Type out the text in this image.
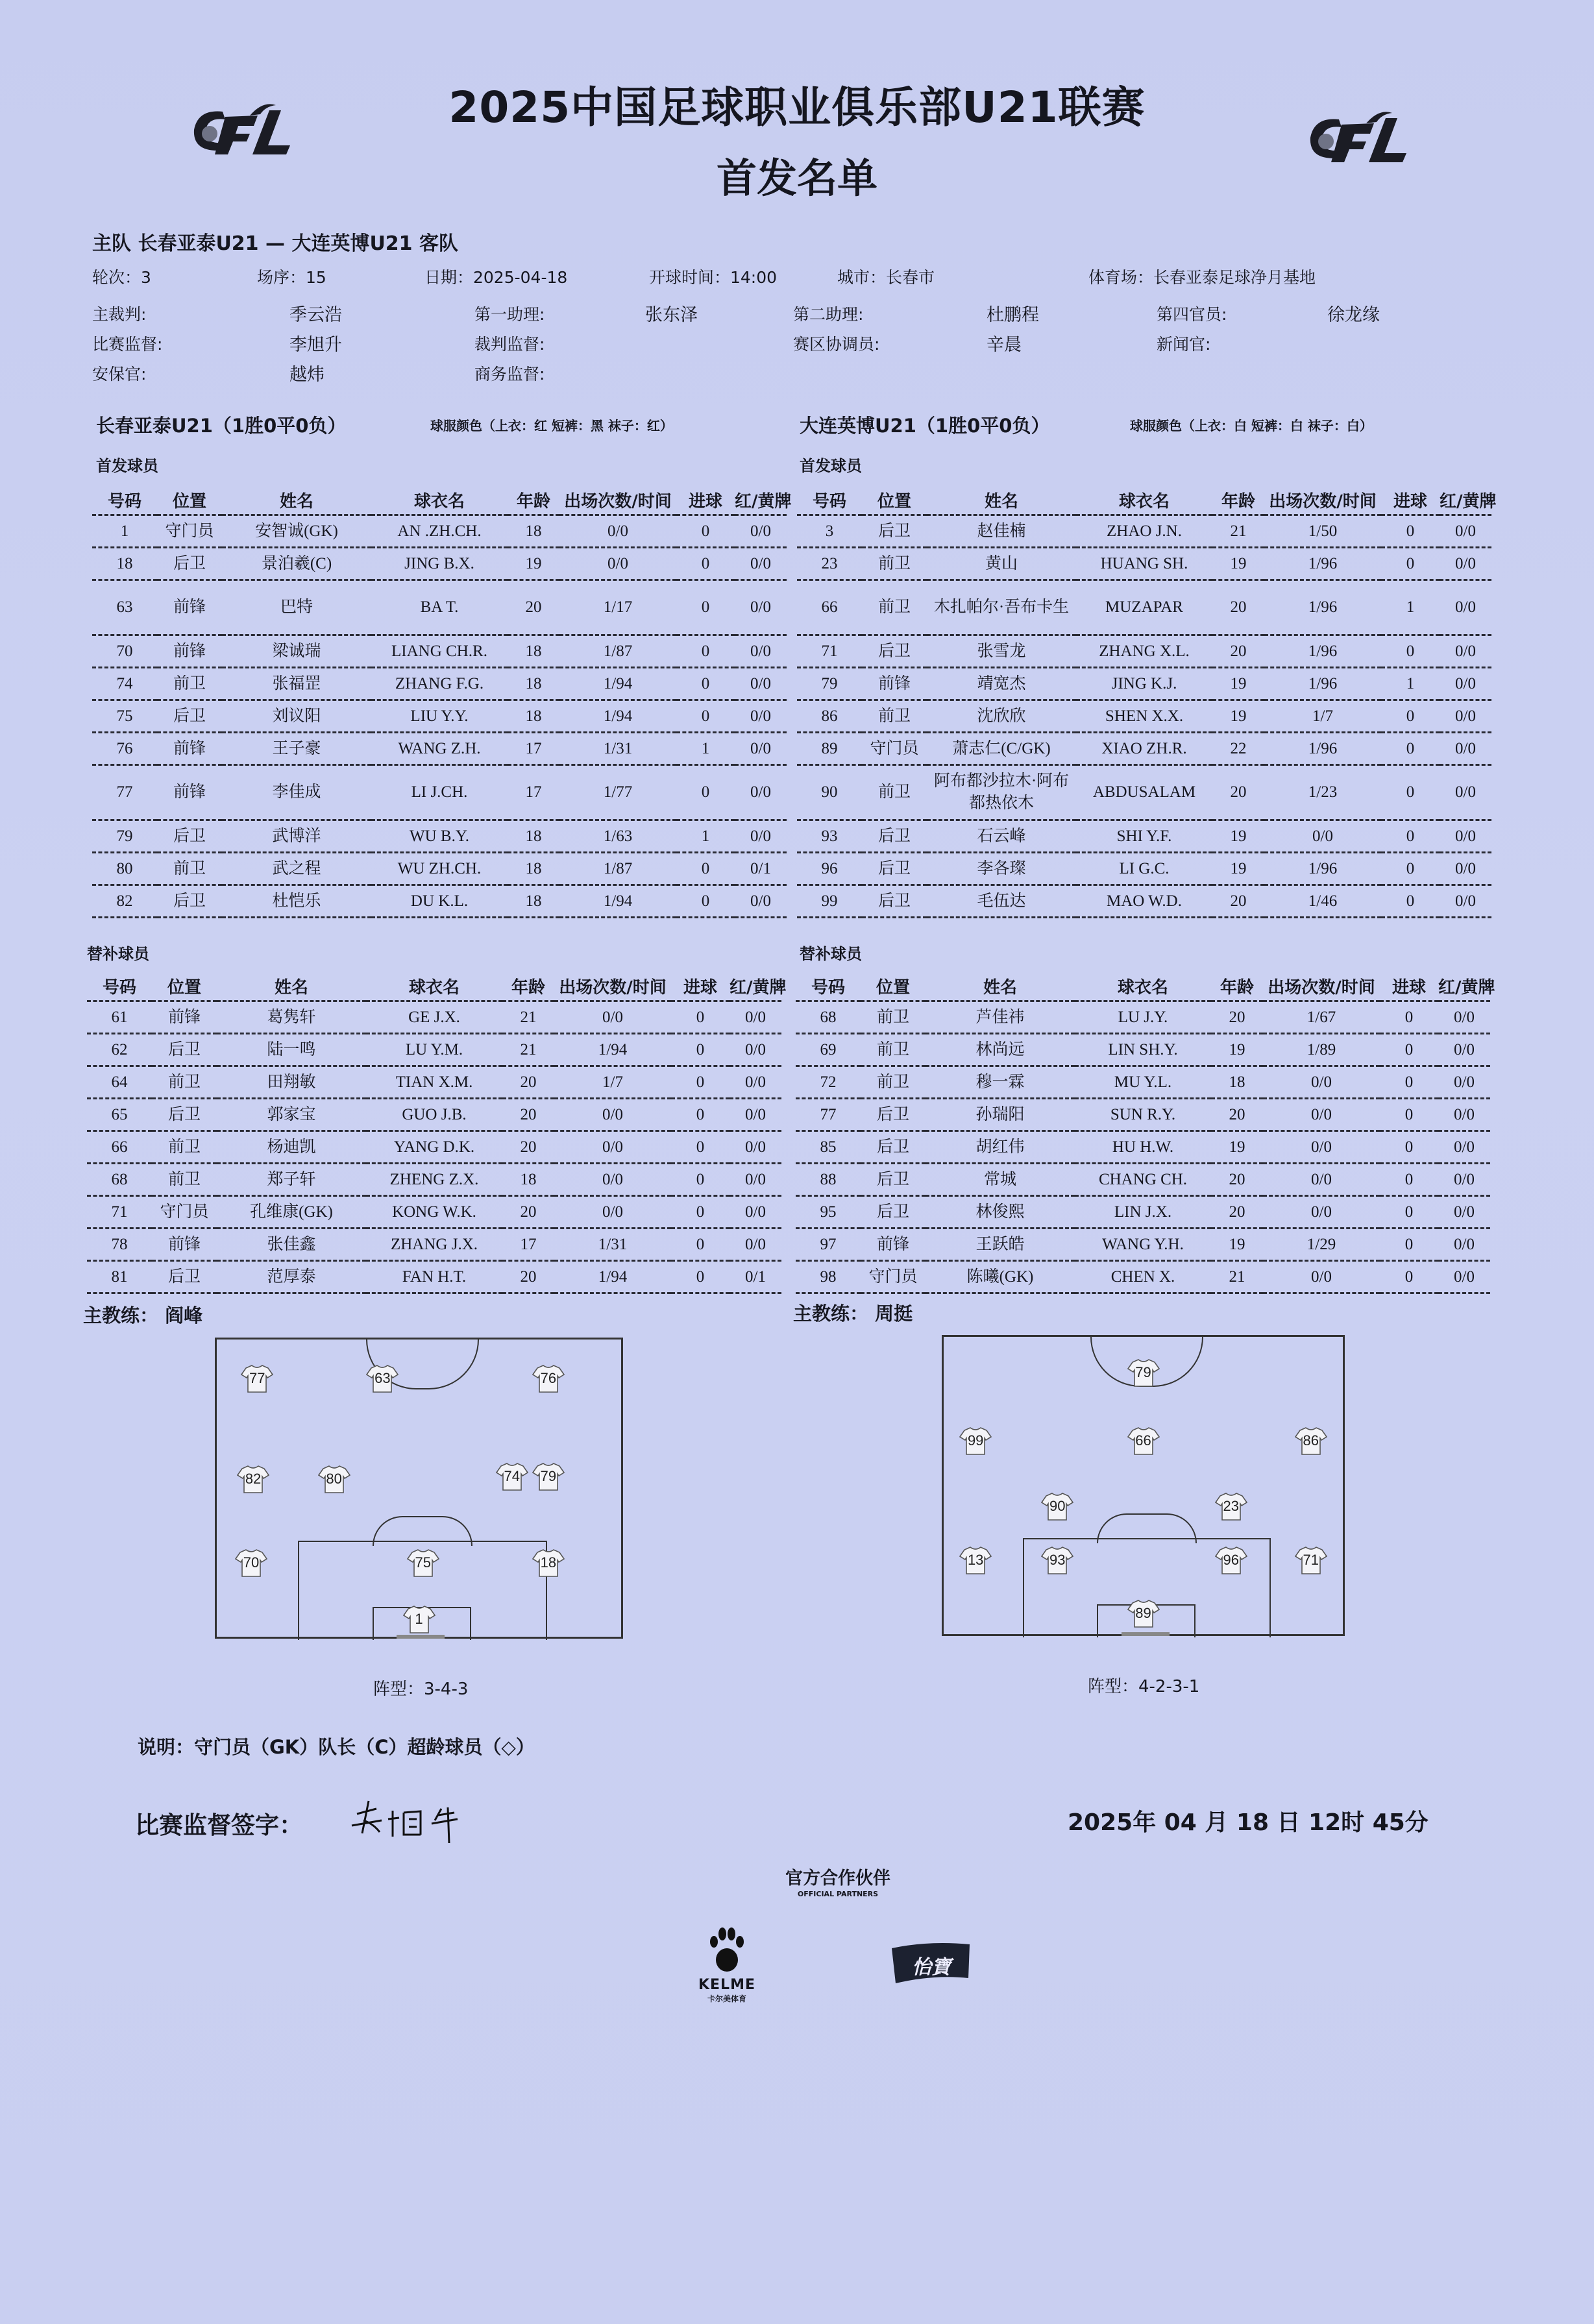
2025中国足球职业俱乐部U21联赛
首发名单
主队 长春亚泰U21 — 大连英博U21 客队
轮次：3	场序：15	日期：2025-04-18	开球时间：14:00	城市：长春市	体育场：长春亚泰足球净月基地
主裁判:	季云浩	第一助理:	张东泽	第二助理:	杜鹏程	第四官员:	徐龙缘
比赛监督:	李旭升	裁判监督:	赛区协调员:	辛晨	新闻官:
安保官:	越炜	商务监督:
长春亚泰U21（1胜0平0负）	球服颜色（上衣：红 短裤：黑 袜子：红）	大连英博U21（1胜0平0负）	球服颜色（上衣：白 短裤：白 袜子：白）
首发球员	首发球员
号码	位置	姓名	球衣名	年龄	出场次数/时间	进球	红/黄牌
1	守门员	安智诚(GK)	AN .ZH.CH.	18	0/0	0	0/0
18	后卫	景泊羲(C)	JING B.X.	19	0/0	0	0/0
63	前锋	巴特	BA T.	20	1/17	0	0/0
70	前锋	梁诚瑞	LIANG CH.R.	18	1/87	0	0/0
74	前卫	张福罡	ZHANG F.G.	18	1/94	0	0/0
75	后卫	刘议阳	LIU Y.Y.	18	1/94	0	0/0
76	前锋	王子豪	WANG Z.H.	17	1/31	1	0/0
77	前锋	李佳成	LI J.CH.	17	1/77	0	0/0
79	后卫	武博洋	WU B.Y.	18	1/63	1	0/0
80	前卫	武之程	WU ZH.CH.	18	1/87	0	0/1
82	后卫	杜恺乐	DU K.L.	18	1/94	0	0/0
号码	位置	姓名	球衣名	年龄	出场次数/时间	进球	红/黄牌
3	后卫	赵佳楠	ZHAO J.N.	21	1/50	0	0/0
23	前卫	黄山	HUANG SH.	19	1/96	0	0/0
66	前卫	木扎帕尔·吾布卡生	MUZAPAR	20	1/96	1	0/0
71	后卫	张雪龙	ZHANG X.L.	20	1/96	0	0/0
79	前锋	靖宽杰	JING K.J.	19	1/96	1	0/0
86	前卫	沈欣欣	SHEN X.X.	19	1/7	0	0/0
89	守门员	萧志仁(C/GK)	XIAO ZH.R.	22	1/96	0	0/0
90	前卫	阿布都沙拉木·阿布都热依木	ABDUSALAM	20	1/23	0	0/0
93	后卫	石云峰	SHI Y.F.	19	0/0	0	0/0
96	后卫	李各璨	LI G.C.	19	1/96	0	0/0
99	后卫	毛伍达	MAO W.D.	20	1/46	0	0/0
替补球员	替补球员
号码	位置	姓名	球衣名	年龄	出场次数/时间	进球	红/黄牌
61	前锋	葛隽轩	GE J.X.	21	0/0	0	0/0
62	后卫	陆一鸣	LU Y.M.	21	1/94	0	0/0
64	前卫	田翔敏	TIAN X.M.	20	1/7	0	0/0
65	后卫	郭家宝	GUO J.B.	20	0/0	0	0/0
66	前卫	杨迪凯	YANG D.K.	20	0/0	0	0/0
68	前卫	郑子轩	ZHENG Z.X.	18	0/0	0	0/0
71	守门员	孔维康(GK)	KONG W.K.	20	0/0	0	0/0
78	前锋	张佳鑫	ZHANG J.X.	17	1/31	0	0/0
81	后卫	范厚泰	FAN H.T.	20	1/94	0	0/1
号码	位置	姓名	球衣名	年龄	出场次数/时间	进球	红/黄牌
68	前卫	芦佳祎	LU J.Y.	20	1/67	0	0/0
69	前卫	林尚远	LIN SH.Y.	19	1/89	0	0/0
72	前卫	穆一霖	MU Y.L.	18	0/0	0	0/0
77	后卫	孙瑞阳	SUN R.Y.	20	0/0	0	0/0
85	后卫	胡红伟	HU H.W.	19	0/0	0	0/0
88	后卫	常城	CHANG CH.	20	0/0	0	0/0
95	后卫	林俊熙	LIN J.X.	20	0/0	0	0/0
97	前锋	王跃皓	WANG Y.H.	19	1/29	0	0/0
98	守门员	陈曦(GK)	CHEN X.	21	0/0	0	0/0
主教练： 阎峰	主教练： 周挺
77	63	76
82	80	74	79
70	75	18
1
79
99	66	86
90	23
13	93	96	71
89
阵型：3-4-3	阵型：4-2-3-1
说明：守门员（GK）队长（C）超龄球员（◇）
比赛监督签字：	2025年 04 月 18 日 12时 45分
官方合作伙伴
OFFICIAL PARTNERS
KELME
卡尔美体育
怡寶
